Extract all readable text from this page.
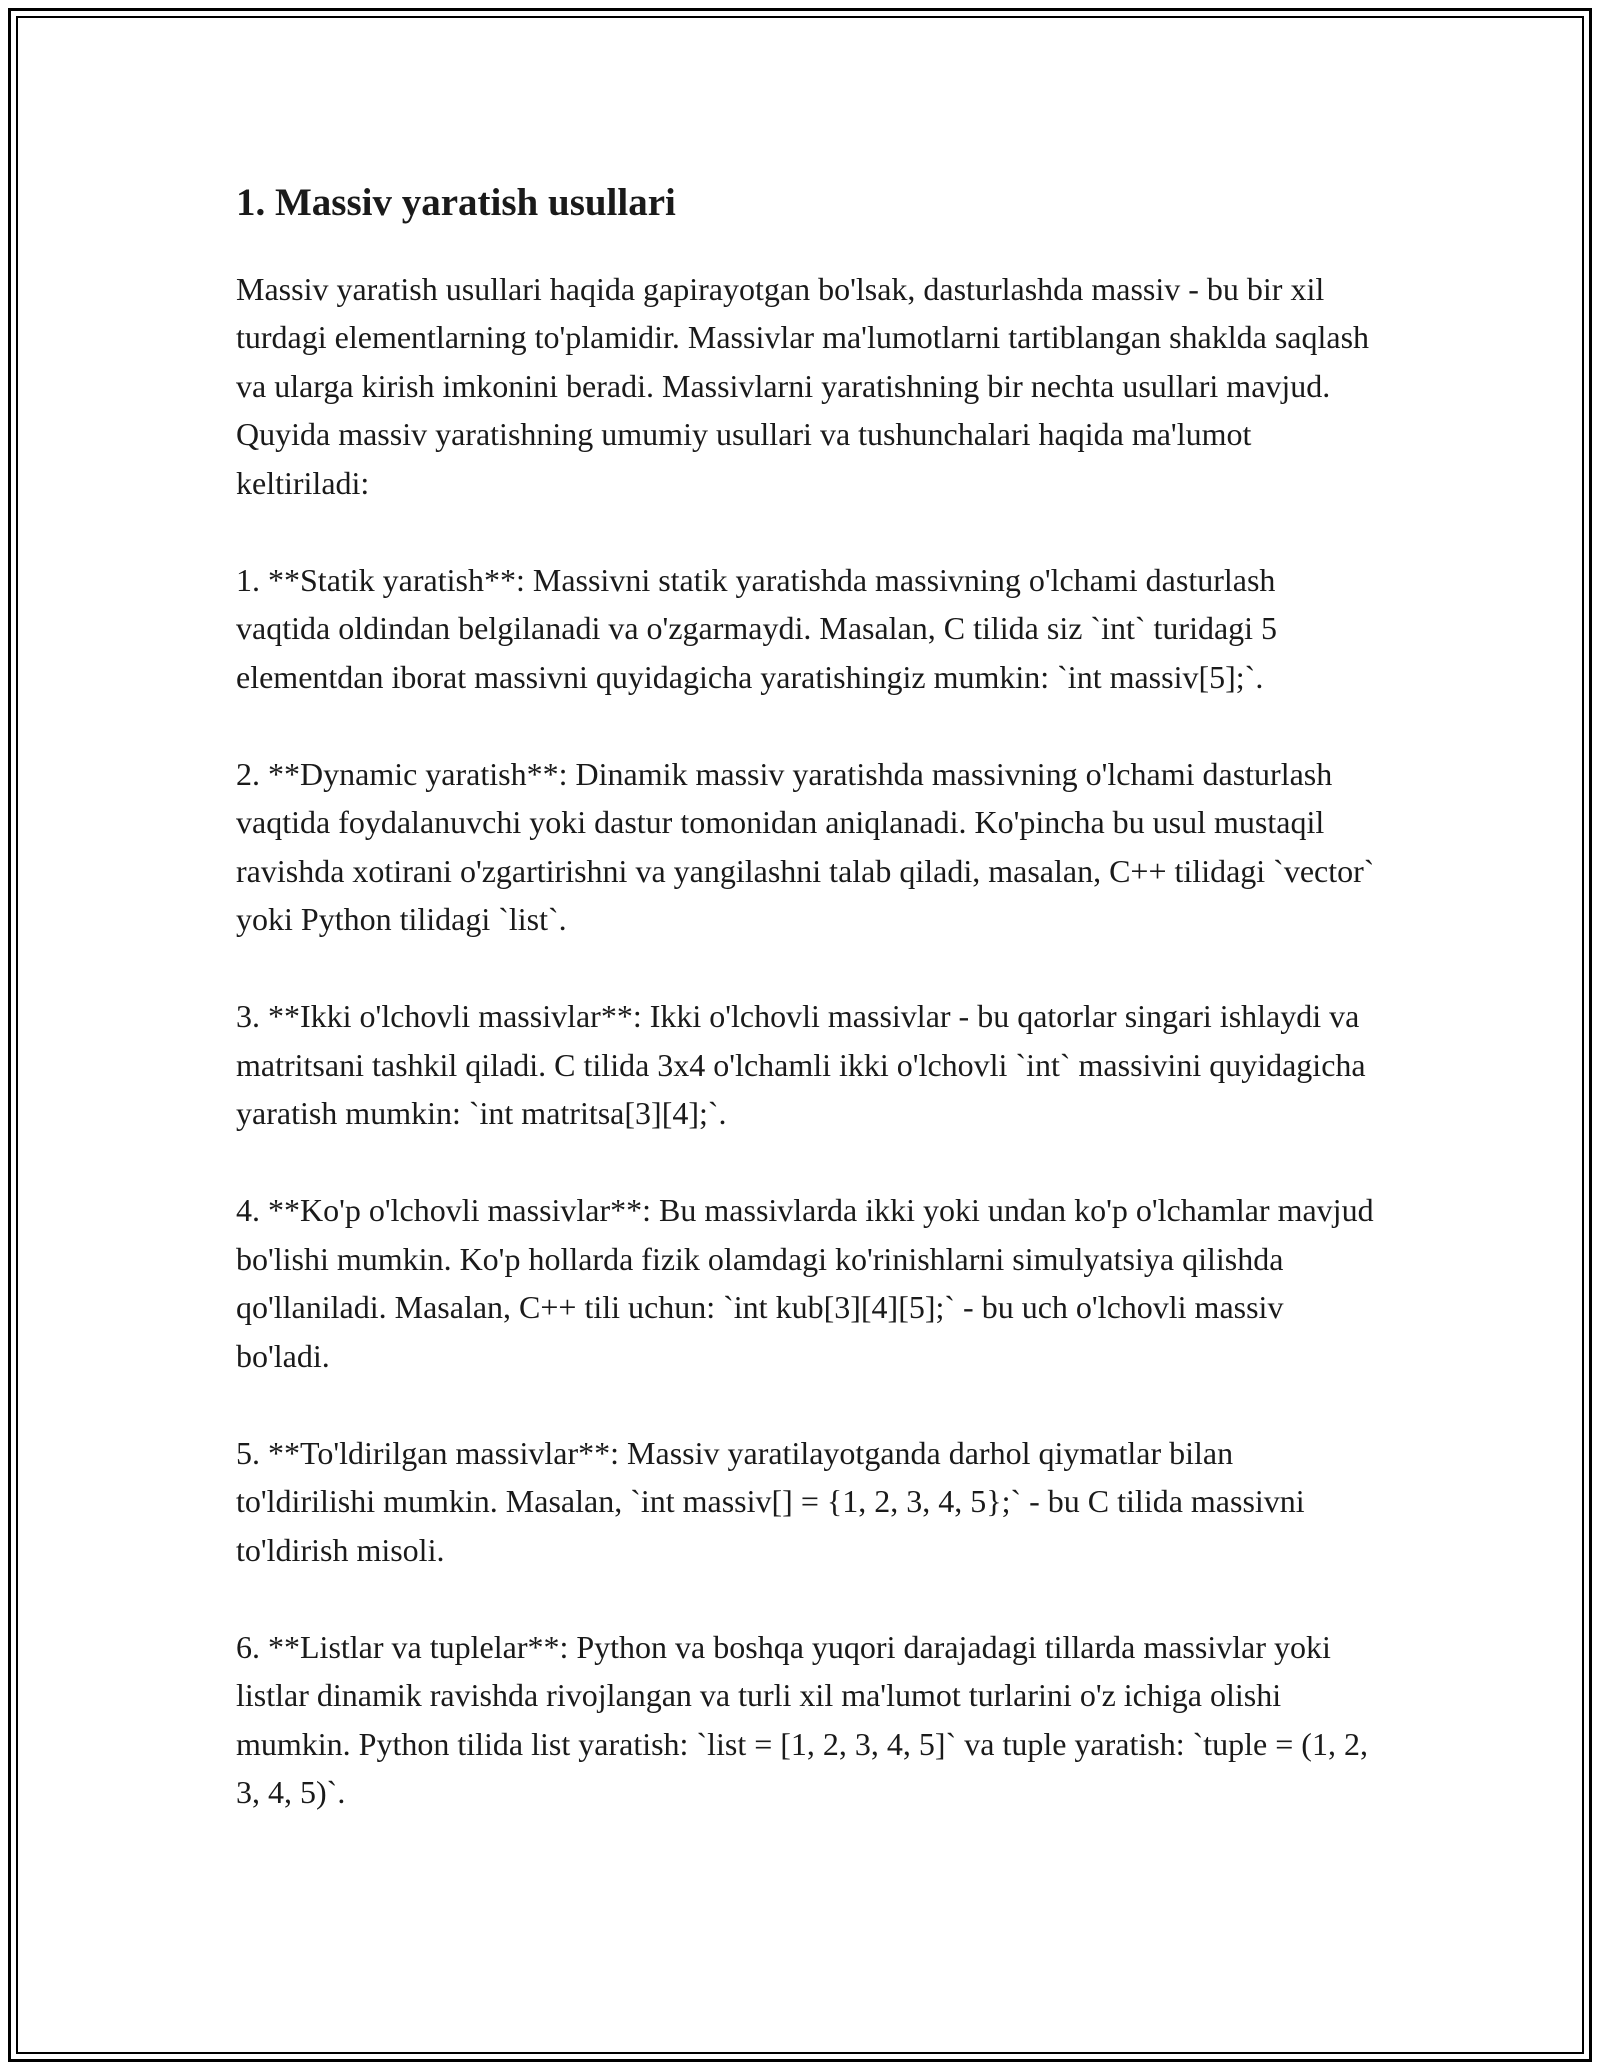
1. Massiv yaratish usullari

Massiv yaratish usullari haqida gapirayotgan bo'lsak, dasturlashda massiv - bu bir xil turdagi elementlarning to'plamidir. Massivlar ma'lumotlarni tartiblangan shaklda saqlash va ularga kirish imkonini beradi. Massivlarni yaratishning bir nechta usullari mavjud. Quyida massiv yaratishning umumiy usullari va tushunchalari haqida ma'lumot keltiriladi:

1. **Statik yaratish**: Massivni statik yaratishda massivning o'lchami dasturlash vaqtida oldindan belgilanadi va o'zgarmaydi. Masalan, C tilida siz `int` turidagi 5 elementdan iborat massivni quyidagicha yaratishingiz mumkin: `int massiv[5];`.

2. **Dynamic yaratish**: Dinamik massiv yaratishda massivning o'lchami dasturlash vaqtida foydalanuvchi yoki dastur tomonidan aniqlanadi. Ko'pincha bu usul mustaqil ravishda xotirani o'zgartirishni va yangilashni talab qiladi, masalan, C++ tilidagi `vector` yoki Python tilidagi `list`.

3. **Ikki o'lchovli massivlar**: Ikki o'lchovli massivlar - bu qatorlar singari ishlaydi va matritsani tashkil qiladi. C tilida 3x4 o'lchamli ikki o'lchovli `int` massivini quyidagicha yaratish mumkin: `int matritsa[3][4];`.

4. **Ko'p o'lchovli massivlar**: Bu massivlarda ikki yoki undan ko'p o'lchamlar mavjud bo'lishi mumkin. Ko'p hollarda fizik olamdagi ko'rinishlarni simulyatsiya qilishda qo'llaniladi. Masalan, C++ tili uchun: `int kub[3][4][5];` - bu uch o'lchovli massiv bo'ladi.

5. **To'ldirilgan massivlar**: Massiv yaratilayotganda darhol qiymatlar bilan to'ldirilishi mumkin. Masalan, `int massiv[] = {1, 2, 3, 4, 5};` - bu C tilida massivni to'ldirish misoli.

6. **Listlar va tuplelar**: Python va boshqa yuqori darajadagi tillarda massivlar yoki listlar dinamik ravishda rivojlangan va turli xil ma'lumot turlarini o'z ichiga olishi mumkin. Python tilida list yaratish: `list = [1, 2, 3, 4, 5]` va tuple yaratish: `tuple = (1, 2, 3, 4, 5)`.
